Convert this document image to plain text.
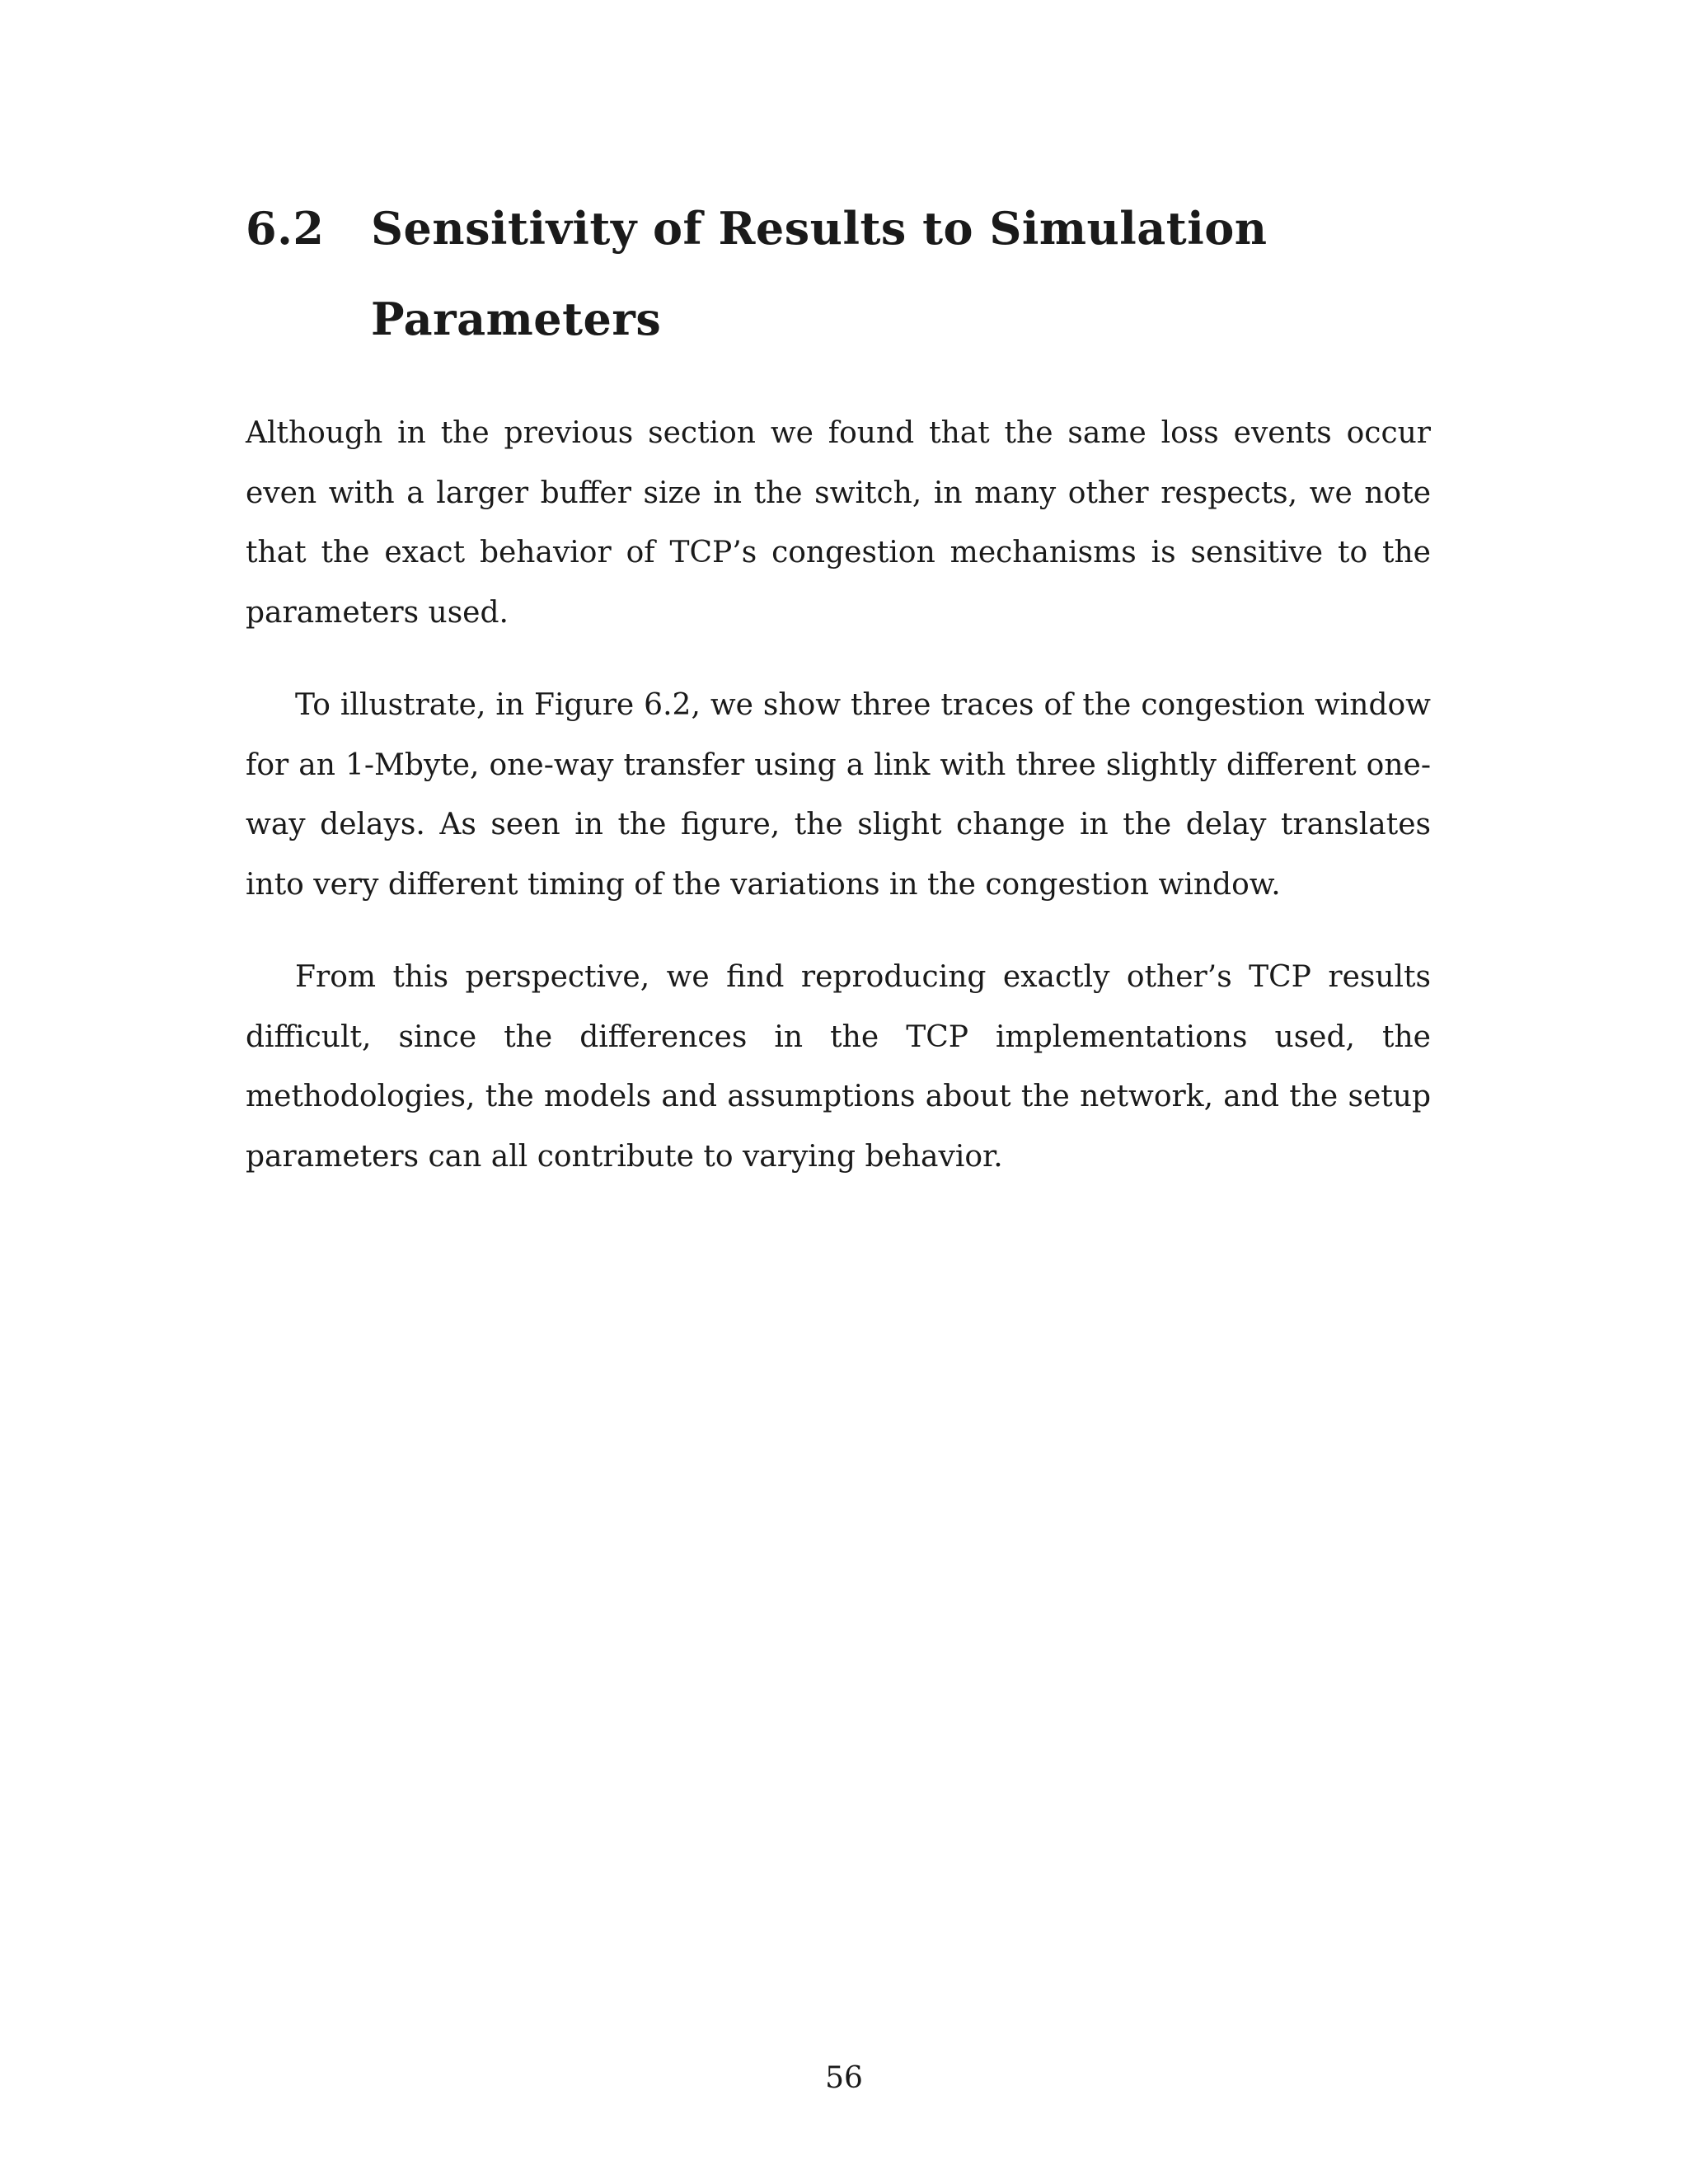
6.2 Sensitivity of Results to Simulation Parameters

Although in the previous section we found that the same loss events occur even with a larger buffer size in the switch, in many other respects, we note that the exact behavior of TCP’s congestion mechanisms is sensitive to the parameters used.

To illustrate, in Figure 6.2, we show three traces of the congestion window for an 1-Mbyte, one-way transfer using a link with three slightly different one-way delays. As seen in the figure, the slight change in the delay translates into very different timing of the variations in the congestion window.

From this perspective, we find reproducing exactly other’s TCP results difficult, since the differences in the TCP implementations used, the methodologies, the models and assumptions about the network, and the setup parameters can all contribute to varying behavior.

56
